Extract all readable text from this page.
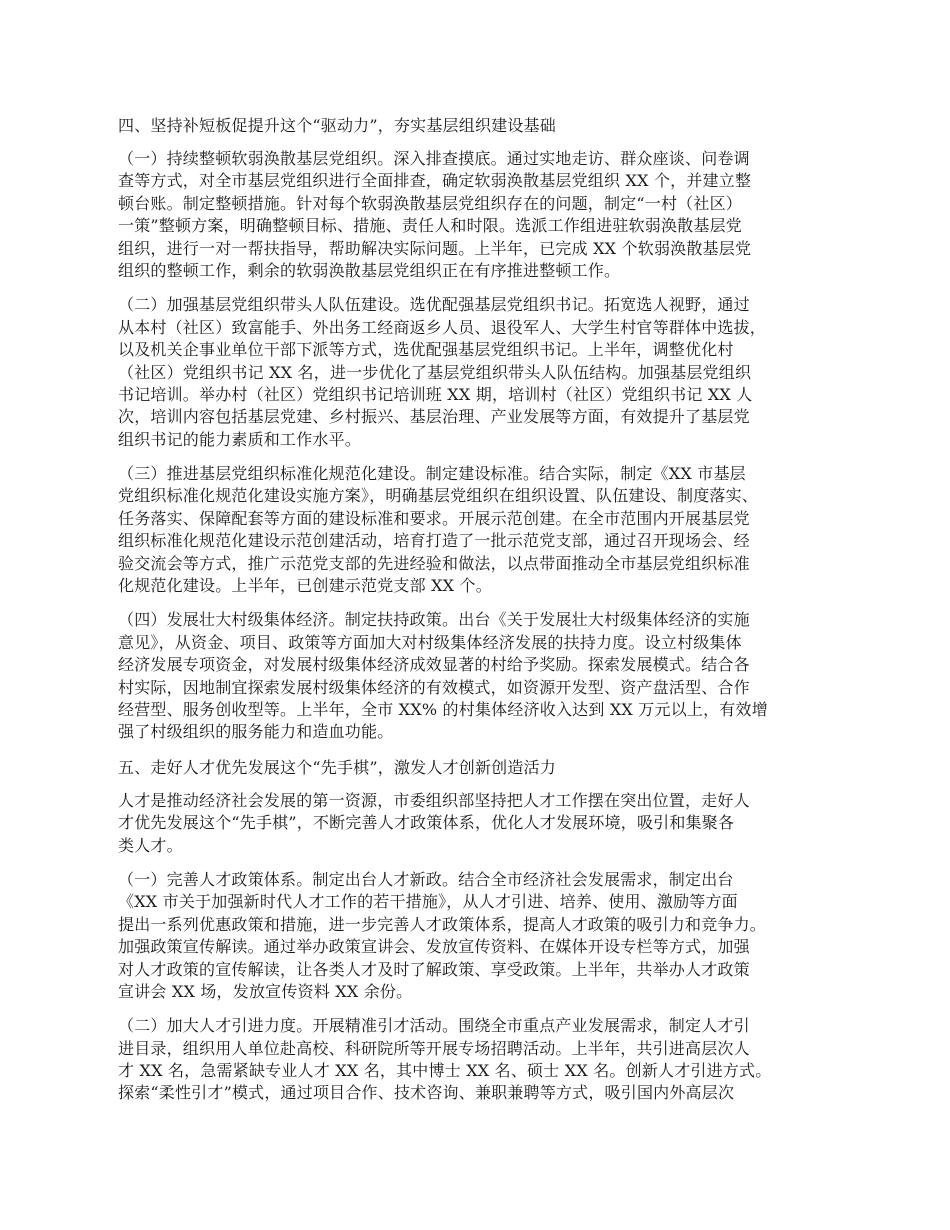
四、坚持补短板促提升这个“驱动力”，夯实基层组织建设基础
（一）持续整顿软弱涣散基层党组织。深入排查摸底。通过实地走访、群众座谈、问卷调
查等方式，对全市基层党组织进行全面排查，确定软弱涣散基层党组织 XX 个，并建立整
顿台账。制定整顿措施。针对每个软弱涣散基层党组织存在的问题，制定“一村（社区）
一策”整顿方案，明确整顿目标、措施、责任人和时限。选派工作组进驻软弱涣散基层党
组织，进行一对一帮扶指导，帮助解决实际问题。上半年，已完成 XX 个软弱涣散基层党
组织的整顿工作，剩余的软弱涣散基层党组织正在有序推进整顿工作。
（二）加强基层党组织带头人队伍建设。选优配强基层党组织书记。拓宽选人视野，通过
从本村（社区）致富能手、外出务工经商返乡人员、退役军人、大学生村官等群体中选拔，
以及机关企事业单位干部下派等方式，选优配强基层党组织书记。上半年，调整优化村
（社区）党组织书记 XX 名，进一步优化了基层党组织带头人队伍结构。加强基层党组织
书记培训。举办村（社区）党组织书记培训班 XX 期，培训村（社区）党组织书记 XX 人
次，培训内容包括基层党建、乡村振兴、基层治理、产业发展等方面，有效提升了基层党
组织书记的能力素质和工作水平。
（三）推进基层党组织标准化规范化建设。制定建设标准。结合实际，制定《XX 市基层
党组织标准化规范化建设实施方案》，明确基层党组织在组织设置、队伍建设、制度落实、
任务落实、保障配套等方面的建设标准和要求。开展示范创建。在全市范围内开展基层党
组织标准化规范化建设示范创建活动，培育打造了一批示范党支部，通过召开现场会、经
验交流会等方式，推广示范党支部的先进经验和做法，以点带面推动全市基层党组织标准
化规范化建设。上半年，已创建示范党支部 XX 个。
（四）发展壮大村级集体经济。制定扶持政策。出台《关于发展壮大村级集体经济的实施
意见》，从资金、项目、政策等方面加大对村级集体经济发展的扶持力度。设立村级集体
经济发展专项资金，对发展村级集体经济成效显著的村给予奖励。探索发展模式。结合各
村实际，因地制宜探索发展村级集体经济的有效模式，如资源开发型、资产盘活型、合作
经营型、服务创收型等。上半年，全市 XX% 的村集体经济收入达到 XX 万元以上，有效增
强了村级组织的服务能力和造血功能。
五、走好人才优先发展这个“先手棋”，激发人才创新创造活力
人才是推动经济社会发展的第一资源，市委组织部坚持把人才工作摆在突出位置，走好人
才优先发展这个“先手棋”，不断完善人才政策体系，优化人才发展环境，吸引和集聚各
类人才。
（一）完善人才政策体系。制定出台人才新政。结合全市经济社会发展需求，制定出台
《XX 市关于加强新时代人才工作的若干措施》，从人才引进、培养、使用、激励等方面
提出一系列优惠政策和措施，进一步完善人才政策体系，提高人才政策的吸引力和竞争力。
加强政策宣传解读。通过举办政策宣讲会、发放宣传资料、在媒体开设专栏等方式，加强
对人才政策的宣传解读，让各类人才及时了解政策、享受政策。上半年，共举办人才政策
宣讲会 XX 场，发放宣传资料 XX 余份。
（二）加大人才引进力度。开展精准引才活动。围绕全市重点产业发展需求，制定人才引
进目录，组织用人单位赴高校、科研院所等开展专场招聘活动。上半年，共引进高层次人
才 XX 名，急需紧缺专业人才 XX 名，其中博士 XX 名、硕士 XX 名。创新人才引进方式。
探索“柔性引才”模式，通过项目合作、技术咨询、兼职兼聘等方式，吸引国内外高层次
